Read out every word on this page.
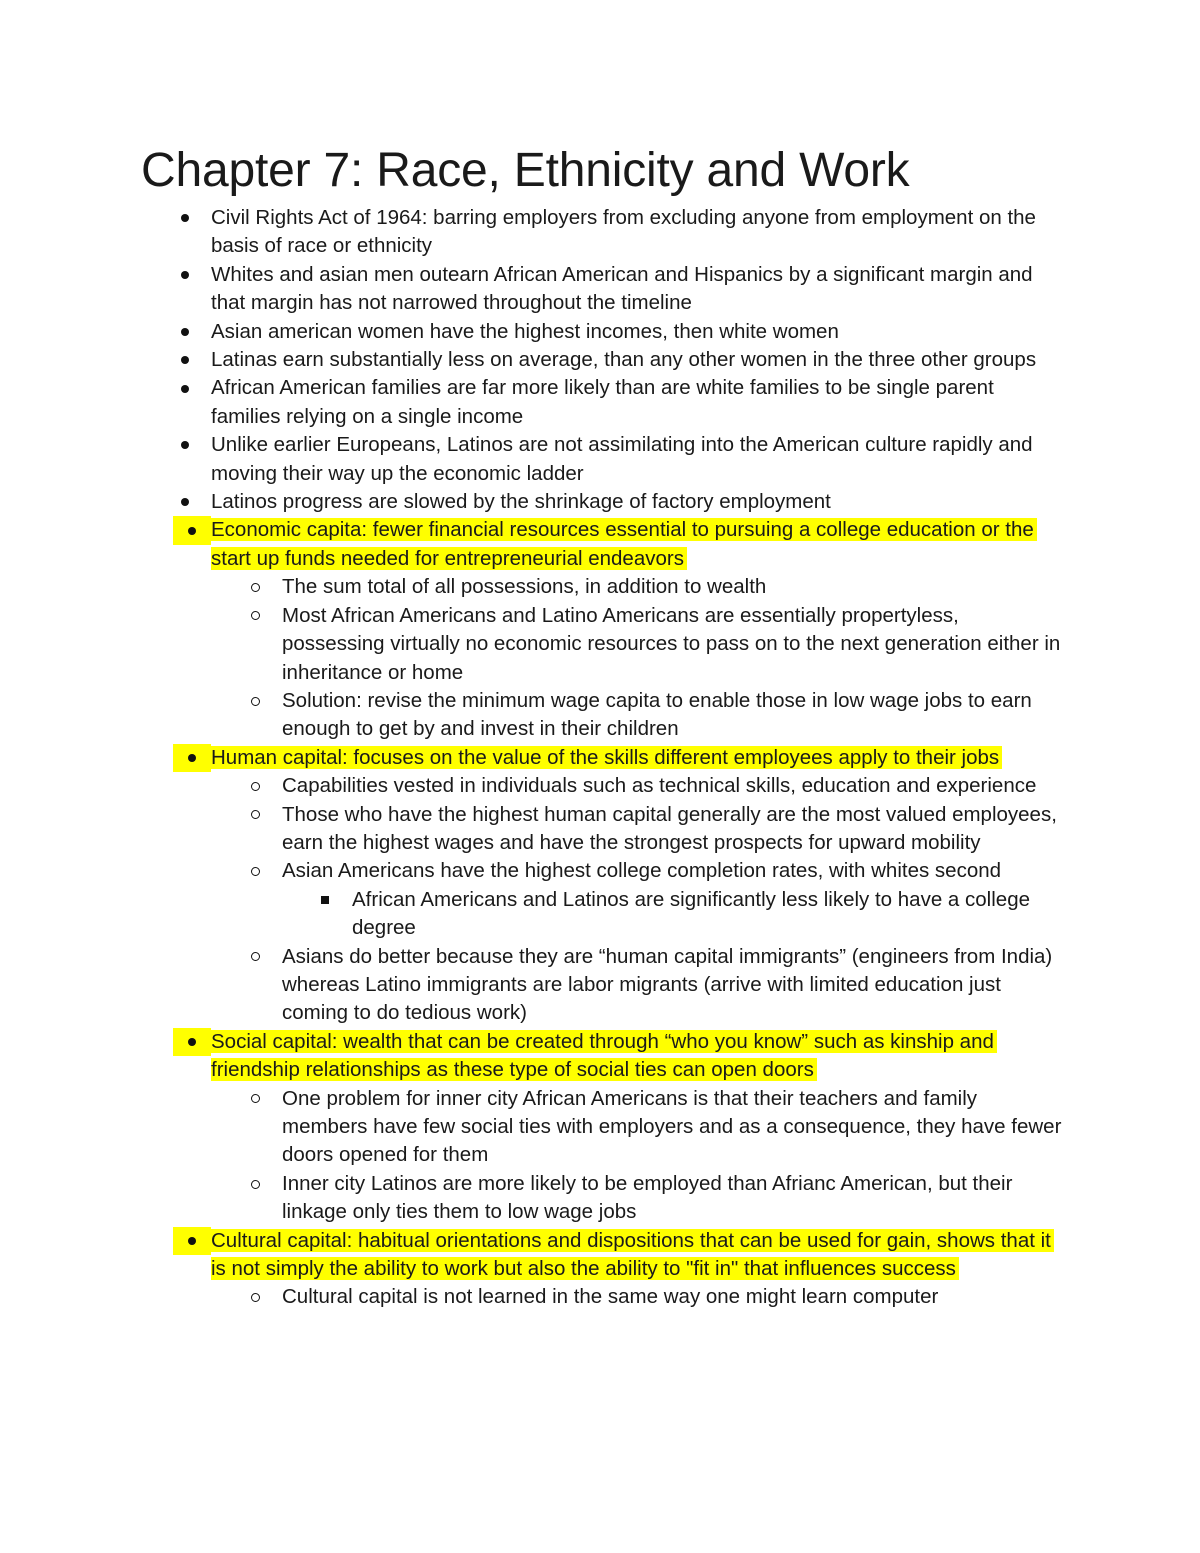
Chapter 7: Race, Ethnicity and Work
Civil Rights Act of 1964: barring employers from excluding anyone from employment on the basis of race or ethnicity
Whites and asian men outearn African American and Hispanics by a significant margin and that margin has not narrowed throughout the timeline
Asian american women have the highest incomes, then white women
Latinas earn substantially less on average, than any other women in the three other groups
African American families are far more likely than are white families to be single parent families relying on a single income
Unlike earlier Europeans, Latinos are not assimilating into the American culture rapidly and moving their way up the economic ladder
Latinos progress are slowed by the shrinkage of factory employment
Economic capita: fewer financial resources essential to pursuing a college education or the start up funds needed for entrepreneurial endeavors
The sum total of all possessions, in addition to wealth
Most African Americans and Latino Americans are essentially propertyless, possessing virtually no economic resources to pass on to the next generation either in inheritance or home
Solution: revise the minimum wage capita to enable those in low wage jobs to earn enough to get by and invest in their children
Human capital: focuses on the value of the skills different employees apply to their jobs
Capabilities vested in individuals such as technical skills, education and experience
Those who have the highest human capital generally are the most valued employees, earn the highest wages and have the strongest prospects for upward mobility
Asian Americans have the highest college completion rates, with whites second
African Americans and Latinos are significantly less likely to have a college degree
Asians do better because they are “human capital immigrants” (engineers from India) whereas Latino immigrants are labor migrants (arrive with limited education just coming to do tedious work)
Social capital: wealth that can be created through “who you know” such as kinship and friendship relationships as these type of social ties can open doors
One problem for inner city African Americans is that their teachers and family members have few social ties with employers and as a consequence, they have fewer doors opened for them
Inner city Latinos are more likely to be employed than Afrianc American, but their linkage only ties them to low wage jobs
Cultural capital: habitual orientations and dispositions that can be used for gain, shows that it is not simply the ability to work but also the ability to "fit in" that influences success
Cultural capital is not learned in the same way one might learn computer
